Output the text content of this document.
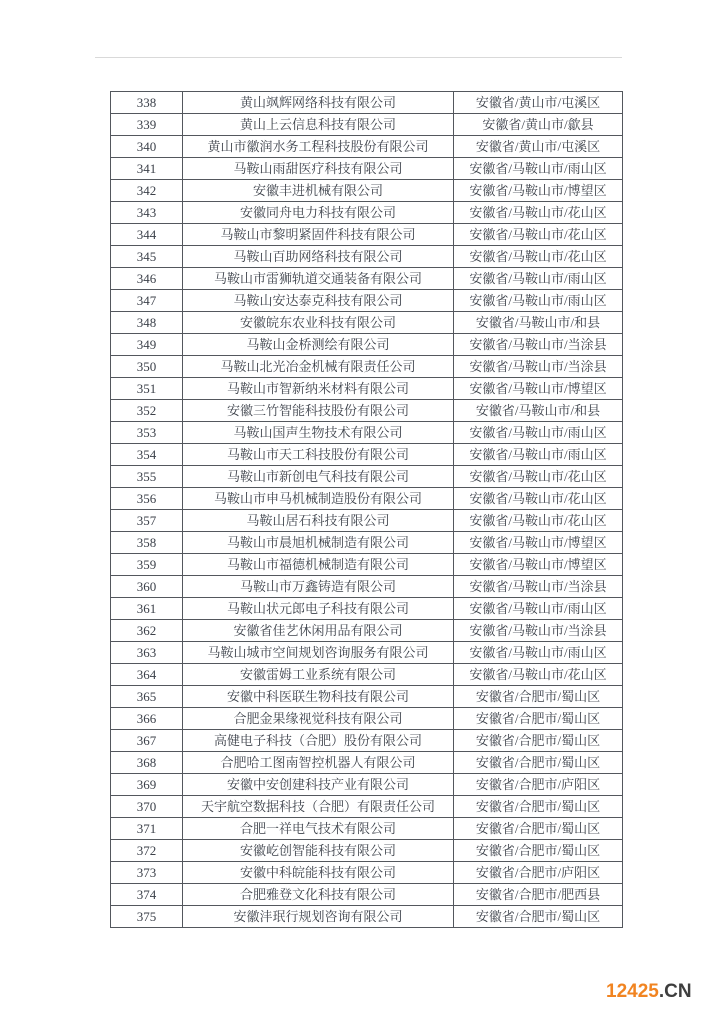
338	黄山飒辉网络科技有限公司	安徽省/黄山市/屯溪区
339	黄山上云信息科技有限公司	安徽省/黄山市/歙县
340	黄山市徽润水务工程科技股份有限公司	安徽省/黄山市/屯溪区
341	马鞍山雨甜医疗科技有限公司	安徽省/马鞍山市/雨山区
342	安徽丰进机械有限公司	安徽省/马鞍山市/博望区
343	安徽同舟电力科技有限公司	安徽省/马鞍山市/花山区
344	马鞍山市黎明紧固件科技有限公司	安徽省/马鞍山市/花山区
345	马鞍山百助网络科技有限公司	安徽省/马鞍山市/花山区
346	马鞍山市雷狮轨道交通装备有限公司	安徽省/马鞍山市/雨山区
347	马鞍山安达泰克科技有限公司	安徽省/马鞍山市/雨山区
348	安徽皖东农业科技有限公司	安徽省/马鞍山市/和县
349	马鞍山金桥测绘有限公司	安徽省/马鞍山市/当涂县
350	马鞍山北光冶金机械有限责任公司	安徽省/马鞍山市/当涂县
351	马鞍山市智新纳米材料有限公司	安徽省/马鞍山市/博望区
352	安徽三竹智能科技股份有限公司	安徽省/马鞍山市/和县
353	马鞍山国声生物技术有限公司	安徽省/马鞍山市/雨山区
354	马鞍山市天工科技股份有限公司	安徽省/马鞍山市/雨山区
355	马鞍山市新创电气科技有限公司	安徽省/马鞍山市/花山区
356	马鞍山市申马机械制造股份有限公司	安徽省/马鞍山市/花山区
357	马鞍山居石科技有限公司	安徽省/马鞍山市/花山区
358	马鞍山市晨旭机械制造有限公司	安徽省/马鞍山市/博望区
359	马鞍山市福德机械制造有限公司	安徽省/马鞍山市/博望区
360	马鞍山市万鑫铸造有限公司	安徽省/马鞍山市/当涂县
361	马鞍山状元郎电子科技有限公司	安徽省/马鞍山市/雨山区
362	安徽省佳艺休闲用品有限公司	安徽省/马鞍山市/当涂县
363	马鞍山城市空间规划咨询服务有限公司	安徽省/马鞍山市/雨山区
364	安徽雷姆工业系统有限公司	安徽省/马鞍山市/花山区
365	安徽中科医联生物科技有限公司	安徽省/合肥市/蜀山区
366	合肥金果缘视觉科技有限公司	安徽省/合肥市/蜀山区
367	高健电子科技（合肥）股份有限公司	安徽省/合肥市/蜀山区
368	合肥哈工图南智控机器人有限公司	安徽省/合肥市/蜀山区
369	安徽中安创建科技产业有限公司	安徽省/合肥市/庐阳区
370	天宇航空数据科技（合肥）有限责任公司	安徽省/合肥市/蜀山区
371	合肥一祥电气技术有限公司	安徽省/合肥市/蜀山区
372	安徽屹创智能科技有限公司	安徽省/合肥市/蜀山区
373	安徽中科皖能科技有限公司	安徽省/合肥市/庐阳区
374	合肥雅登文化科技有限公司	安徽省/合肥市/肥西县
375	安徽沣珉行规划咨询有限公司	安徽省/合肥市/蜀山区
12425.CN
